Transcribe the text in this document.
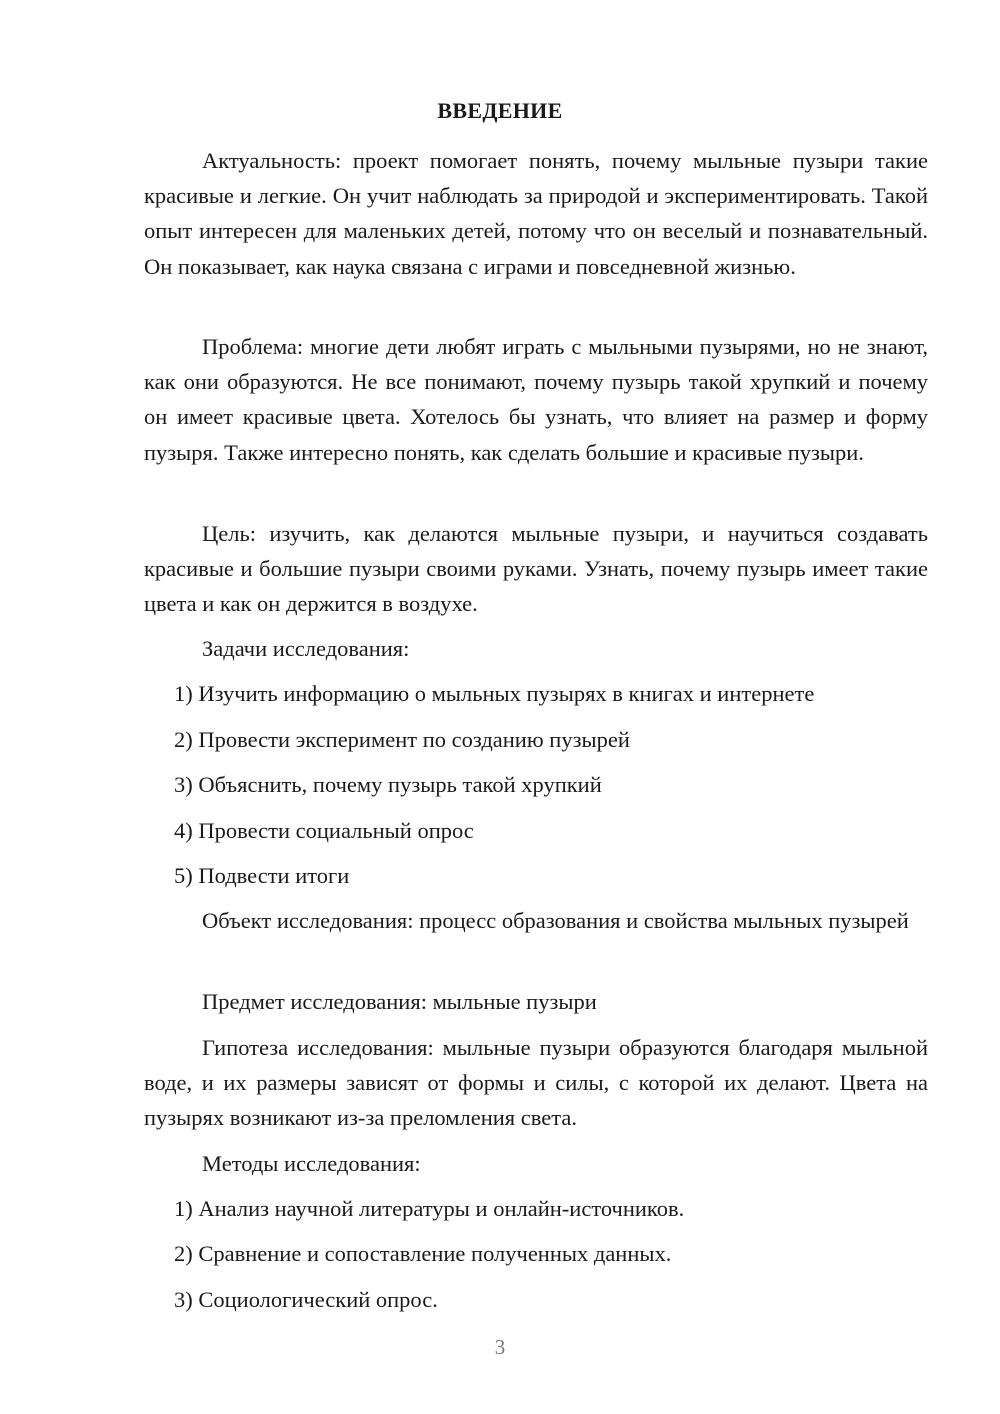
ВВЕДЕНИЕ

Актуальность: проект помогает понять, почему мыльные пузыри такие красивые и легкие. Он учит наблюдать за природой и экспериментировать. Такой опыт интересен для маленьких детей, потому что он веселый и познавательный. Он показывает, как наука связана с играми и повседневной жизнью.

Проблема: многие дети любят играть с мыльными пузырями, но не знают, как они образуются. Не все понимают, почему пузырь такой хрупкий и почему он имеет красивые цвета. Хотелось бы узнать, что влияет на размер и форму пузыря. Также интересно понять, как сделать большие и красивые пузыри.

Цель: изучить, как делаются мыльные пузыри, и научиться создавать красивые и большие пузыри своими руками. Узнать, почему пузырь имеет такие цвета и как он держится в воздухе.

Задачи исследования:

1) Изучить информацию о мыльных пузырях в книгах и интернете

2) Провести эксперимент по созданию пузырей

3) Объяснить, почему пузырь такой хрупкий

4) Провести социальный опрос

5) Подвести итоги

Объект исследования: процесс образования и свойства мыльных пузырей

Предмет исследования: мыльные пузыри

Гипотеза исследования: мыльные пузыри образуются благодаря мыльной воде, и их размеры зависят от формы и силы, с которой их делают. Цвета на пузырях возникают из-за преломления света.

Методы исследования:

1) Анализ научной литературы и онлайн-источников.

2) Сравнение и сопоставление полученных данных.

3) Социологический опрос.

3
